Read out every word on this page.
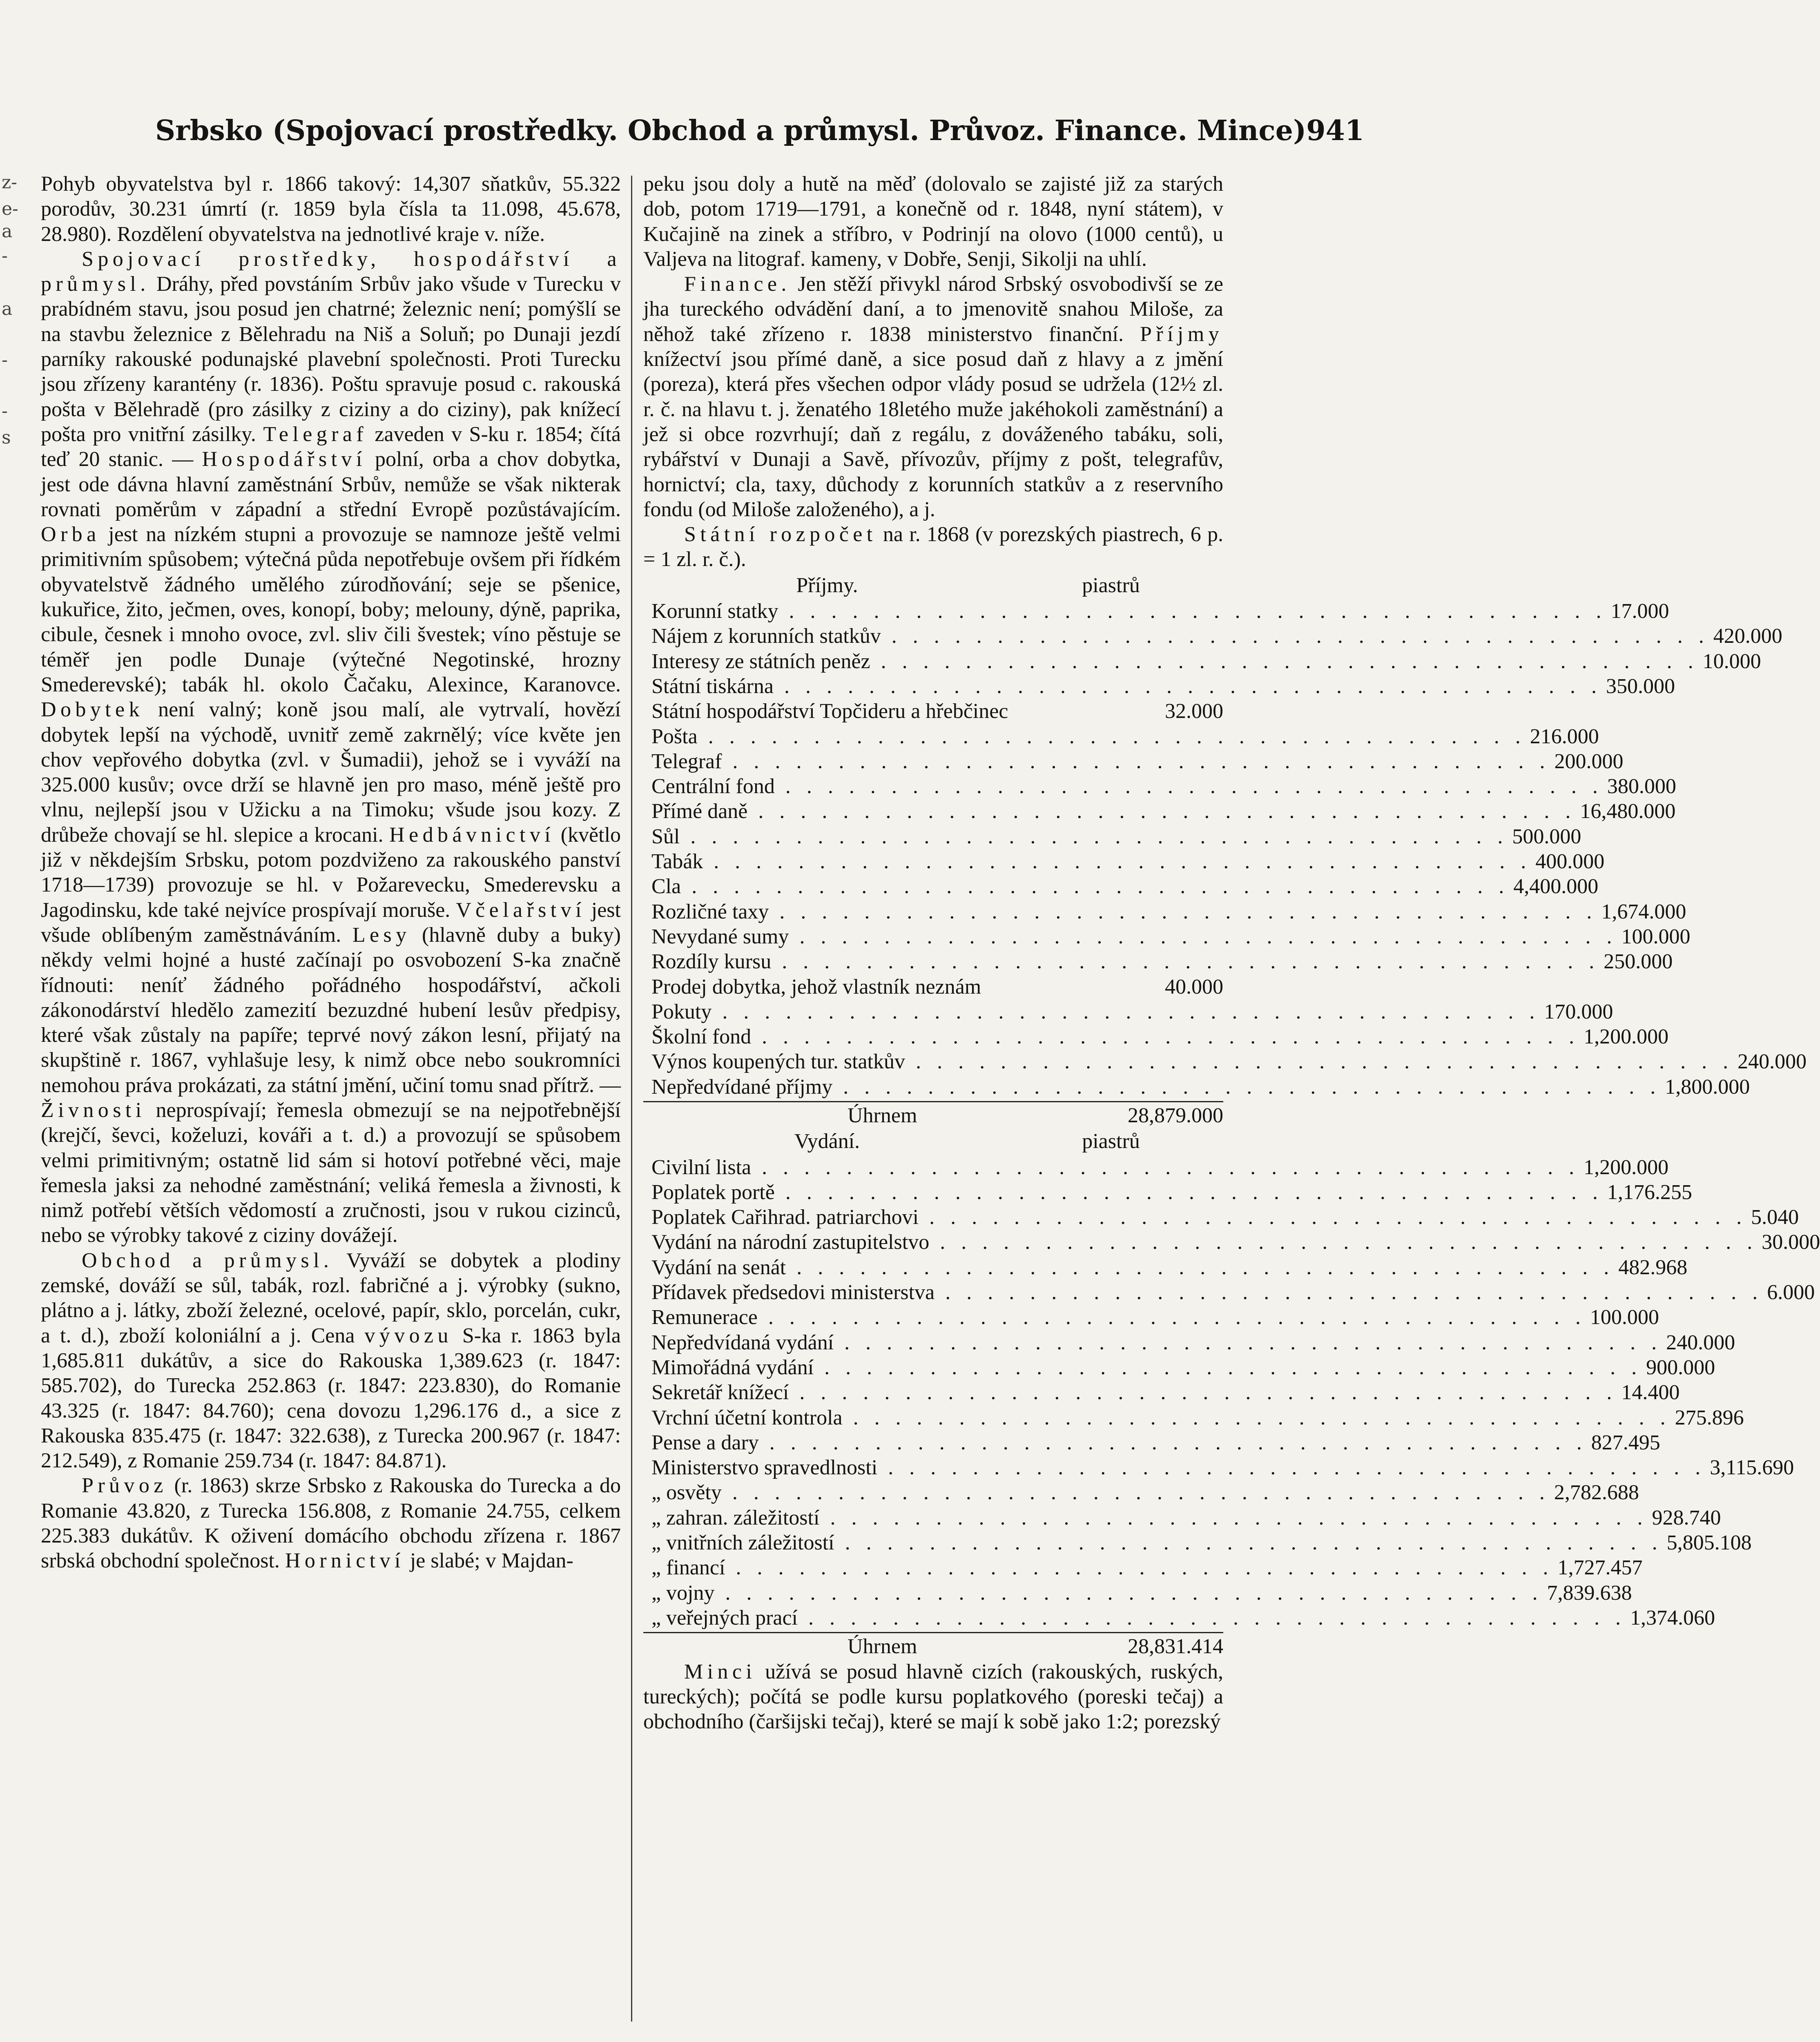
z-
e-
a
-
a
-
-
s
Srbsko (Spojovací prostředky. Obchod a průmysl. Průvoz. Finance. Mince) 941

Pohyb obyvatelstva byl r. 1866 takový: 14,307 sňatkův, 55.322 porodův, 30.231 úmrtí (r. 1859 byla čísla ta 11.098, 45.678, 28.980). Rozdělení obyvatelstva na jednotlivé kraje v. níže.

Spojovací prostředky, hospodářství a průmysl. Dráhy, před povstáním Srbův jako všude v Turecku v prabídném stavu, jsou posud jen chatrné; železnic není; pomýšlí se na stavbu železnice z Bělehradu na Niš a Soluň; po Dunaji jezdí parníky rakouské podunajské plavební společnosti. Proti Turecku jsou zřízeny karantény (r. 1836). Poštu spravuje posud c. rakouská pošta v Bělehradě (pro zásilky z ciziny a do ciziny), pak knížecí pošta pro vnitřní zásilky. Telegraf zaveden v S-ku r. 1854; čítá teď 20 stanic. — Hospodářství polní, orba a chov dobytka, jest ode dávna hlavní zaměstnání Srbův, nemůže se však nikterak rovnati poměrům v západní a střední Evropě pozůstávajícím. Orba jest na nízkém stupni a provozuje se namnoze ještě velmi primitivním spůsobem; výtečná půda nepotřebuje ovšem při řídkém obyvatelstvě žádného umělého zúrodňování; seje se pšenice, kukuřice, žito, ječmen, oves, konopí, boby; melouny, dýně, paprika, cibule, česnek i mnoho ovoce, zvl. sliv čili švestek; víno pěstuje se téměř jen podle Dunaje (výtečné Negotinské, hrozny Smederevské); tabák hl. okolo Čačaku, Alexince, Karanovce. Dobytek není valný; koně jsou malí, ale vytrvalí, hovězí dobytek lepší na východě, uvnitř země zakrnělý; více květe jen chov vepřového dobytka (zvl. v Šumadii), jehož se i vyváží na 325.000 kusův; ovce drží se hlavně jen pro maso, méně ještě pro vlnu, nejlepší jsou v Užicku a na Timoku; všude jsou kozy. Z drůbeže chovají se hl. slepice a krocani. Hedbávnictví (květlo již v někdejším Srbsku, potom pozdviženo za rakouského panství 1718—1739) provozuje se hl. v Požarevecku, Smederevsku a Jagodinsku, kde také nejvíce prospívají moruše. Včelařství jest všude oblíbeným zaměstnáváním. Lesy (hlavně duby a buky) někdy velmi hojné a husté začínají po osvobození S-ka značně řídnouti: neníť žádného pořádného hospodářství, ačkoli zákonodárství hledělo zamezití bezuzdné hubení lesův předpisy, které však zůstaly na papíře; teprvé nový zákon lesní, přijatý na skupštině r. 1867, vyhlašuje lesy, k nimž obce nebo soukromníci nemohou práva prokázati, za státní jmění, učiní tomu snad přítrž. — Živnosti neprospívají; řemesla obmezují se na nejpotřebnější (krejčí, ševci, koželuzi, kováři a t. d.) a provozují se spůsobem velmi primitivným; ostatně lid sám si hotoví potřebné věci, maje řemesla jaksi za nehodné zaměstnání; veliká řemesla a živnosti, k nimž potřebí větších vědomostí a zručnosti, jsou v rukou cizinců, nebo se výrobky takové z ciziny dovážejí.

Obchod a průmysl. Vyváží se dobytek a plodiny zemské, dováží se sůl, tabák, rozl. fabričné a j. výrobky (sukno, plátno a j. látky, zboží železné, ocelové, papír, sklo, porcelán, cukr, a t. d.), zboží koloniální a j. Cena vývozu S-ka r. 1863 byla 1,685.811 dukátův, a sice do Rakouska 1,389.623 (r. 1847: 585.702), do Turecka 252.863 (r. 1847: 223.830), do Romanie 43.325 (r. 1847: 84.760); cena dovozu 1,296.176 d., a sice z Rakouska 835.475 (r. 1847: 322.638), z Turecka 200.967 (r. 1847: 212.549), z Romanie 259.734 (r. 1847: 84.871).

Průvoz (r. 1863) skrze Srbsko z Rakouska do Turecka a do Romanie 43.820, z Turecka 156.808, z Romanie 24.755, celkem 225.383 dukátův. K oživení domácího obchodu zřízena r. 1867 srbská obchodní společnost. Hornictví je slabé; v Majdan-

peku jsou doly a hutě na měď (dolovalo se zajisté již za starých dob, potom 1719—1791, a konečně od r. 1848, nyní státem), v Kučajině na zinek a stříbro, v Podrinjí na olovo (1000 centů), u Valjeva na litograf. kameny, v Dobře, Senji, Sikolji na uhlí.

Finance. Jen stěží přivykl národ Srbský osvobodivší se ze jha tureckého odvádění daní, a to jmenovitě snahou Miloše, za něhož také zřízeno r. 1838 ministerstvo finanční. Příjmy knížectví jsou přímé daně, a sice posud daň z hlavy a z jmění (poreza), která přes všechen odpor vlády posud se udržela (12½ zl. r. č. na hlavu t. j. ženatého 18letého muže jakéhokoli zaměstnání) a jež si obce rozvrhují; daň z regálu, z dováženého tabáku, soli, rybářství v Dunaji a Savě, přívozův, příjmy z pošt, telegrafův, hornictví; cla, taxy, důchody z korunních statkův a z reservního fondu (od Miloše založeného), a j.

Státní rozpočet na r. 1868 (v porezských piastrech, 6 p. = 1 zl. r. č.).

Příjmy.	piastrů
Korunní statky . . .	17.000
Nájem z korunních statkův . . .	420.000
Interesy ze státních peněz . . .	10.000
Státní tiskárna . . .	350.000
Státní hospodářství Topčideru a hřebčinec	32.000
Pošta . . .	216.000
Telegraf . . .	200.000
Centrální fond . . .	380.000
Přímé daně . . .	16,480.000
Sůl . . .	500.000
Tabák . . .	400.000
Cla . . .	4,400.000
Rozličné taxy . . .	1,674.000
Nevydané sumy . . .	100.000
Rozdíly kursu . . .	250.000
Prodej dobytka, jehož vlastník neznám	40.000
Pokuty . . .	170.000
Školní fond . . .	1,200.000
Výnos koupených tur. statkův . . .	240.000
Nepředvídané příjmy . . .	1,800.000
Úhrnem	28,879.000
Vydání.	piastrů
Civilní lista . . .	1,200.000
Poplatek portě . . .	1,176.255
Poplatek Cařihrad. patriarchovi . . .	5.040
Vydání na národní zastupitelstvo . . .	30.000
Vydání na senát . . .	482.968
Přídavek předsedovi ministerstva . . .	6.000
Remunerace . . .	100.000
Nepředvídaná vydání . . .	240.000
Mimořádná vydání . . .	900.000
Sekretář knížecí . . .	14.400
Vrchní účetní kontrola . . .	275.896
Pense a dary . . .	827.495
Ministerstvo spravedlnosti . . .	3,115.690
„ osvěty . . .	2,782.688
„ zahran. záležitostí . . .	928.740
„ vnitřních záležitostí . . .	5,805.108
„ financí . . .	1,727.457
„ vojny . . .	7,839.638
„ veřejných prací . . .	1,374.060
Úhrnem	28,831.414

Minci užívá se posud hlavně cizích (rakouských, ruských, tureckých); počítá se podle kursu poplatkového (poreski tečaj) a obchodního (čaršijski tečaj), které se mají k sobě jako 1:2; porezský
